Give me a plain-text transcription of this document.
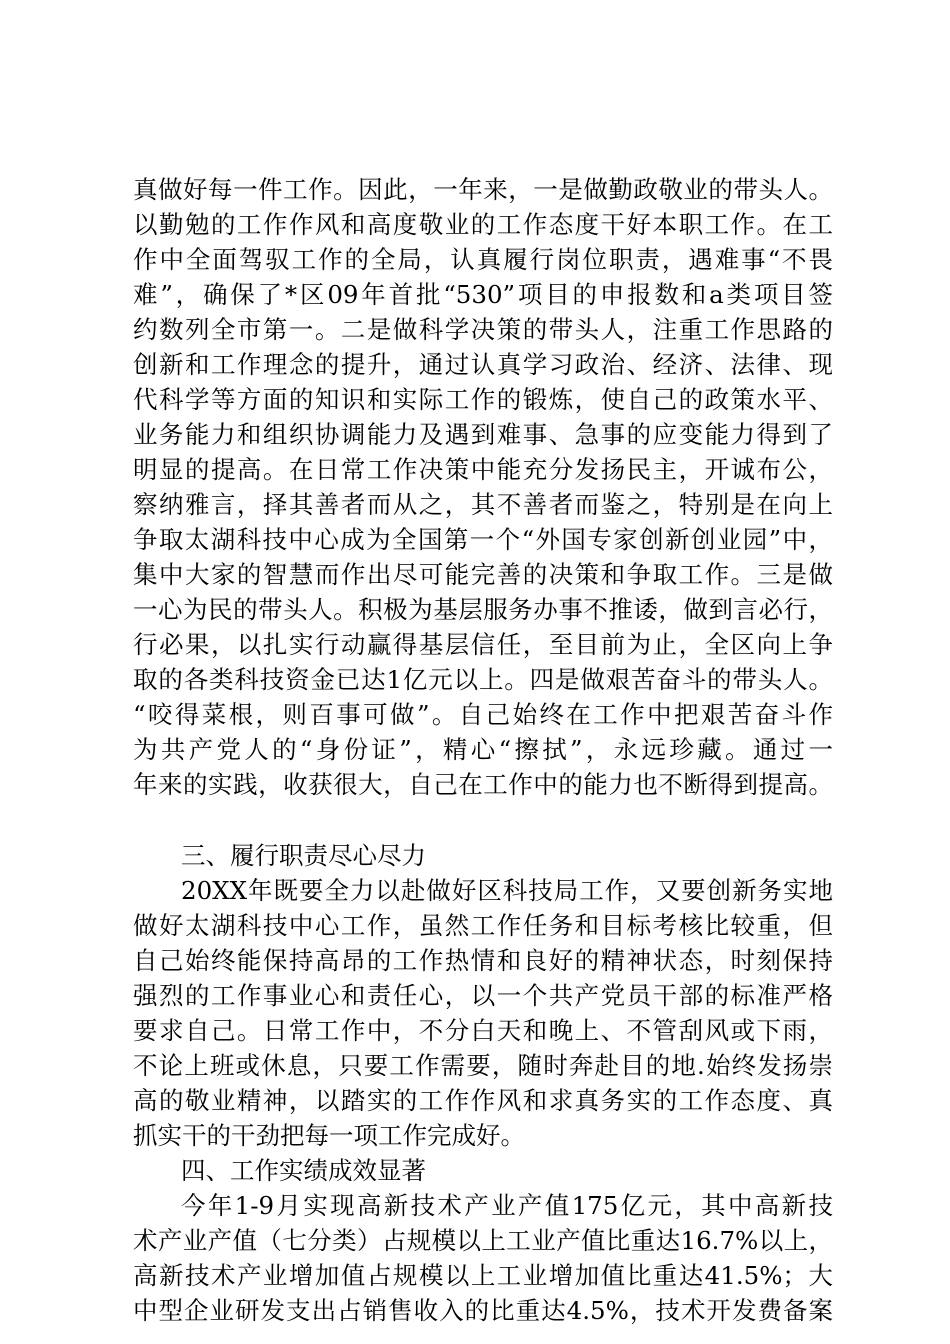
真做好每一件工作。因此，一年来，一是做勤政敬业的带头人。
以勤勉的工作作风和高度敬业的工作态度干好本职工作。在工
作中全面驾驭工作的全局，认真履行岗位职责，遇难事“不畏
难”，确保了*区09年首批“530”项目的申报数和a类项目签
约数列全市第一。二是做科学决策的带头人，注重工作思路的
创新和工作理念的提升，通过认真学习政治、经济、法律、现
代科学等方面的知识和实际工作的锻炼，使自己的政策水平、
业务能力和组织协调能力及遇到难事、急事的应变能力得到了
明显的提高。在日常工作决策中能充分发扬民主，开诚布公，
察纳雅言，择其善者而从之，其不善者而鉴之，特别是在向上
争取太湖科技中心成为全国第一个“外国专家创新创业园”中，
集中大家的智慧而作出尽可能完善的决策和争取工作。三是做
一心为民的带头人。积极为基层服务办事不推诿，做到言必行，
行必果，以扎实行动赢得基层信任，至目前为止，全区向上争
取的各类科技资金已达1亿元以上。四是做艰苦奋斗的带头人。
“咬得菜根，则百事可做”。自己始终在工作中把艰苦奋斗作
为共产党人的“身份证”，精心“擦拭”，永远珍藏。通过一
年来的实践，收获很大，自己在工作中的能力也不断得到提高。
三、履行职责尽心尽力
20XX年既要全力以赴做好区科技局工作，又要创新务实地
做好太湖科技中心工作，虽然工作任务和目标考核比较重，但
自己始终能保持高昂的工作热情和良好的精神状态，时刻保持
强烈的工作事业心和责任心，以一个共产党员干部的标准严格
要求自己。日常工作中，不分白天和晚上、不管刮风或下雨，
不论上班或休息，只要工作需要，随时奔赴目的地.始终发扬崇
高的敬业精神，以踏实的工作作风和求真务实的工作态度、真
抓实干的干劲把每一项工作完成好。
四、工作实绩成效显著
今年1-9月实现高新技术产业产值175亿元，其中高新技
术产业产值（七分类）占规模以上工业产值比重达16.7%以上，
高新技术产业增加值占规模以上工业增加值比重达41.5%；大
中型企业研发支出占销售收入的比重达4.5%，技术开发费备案
